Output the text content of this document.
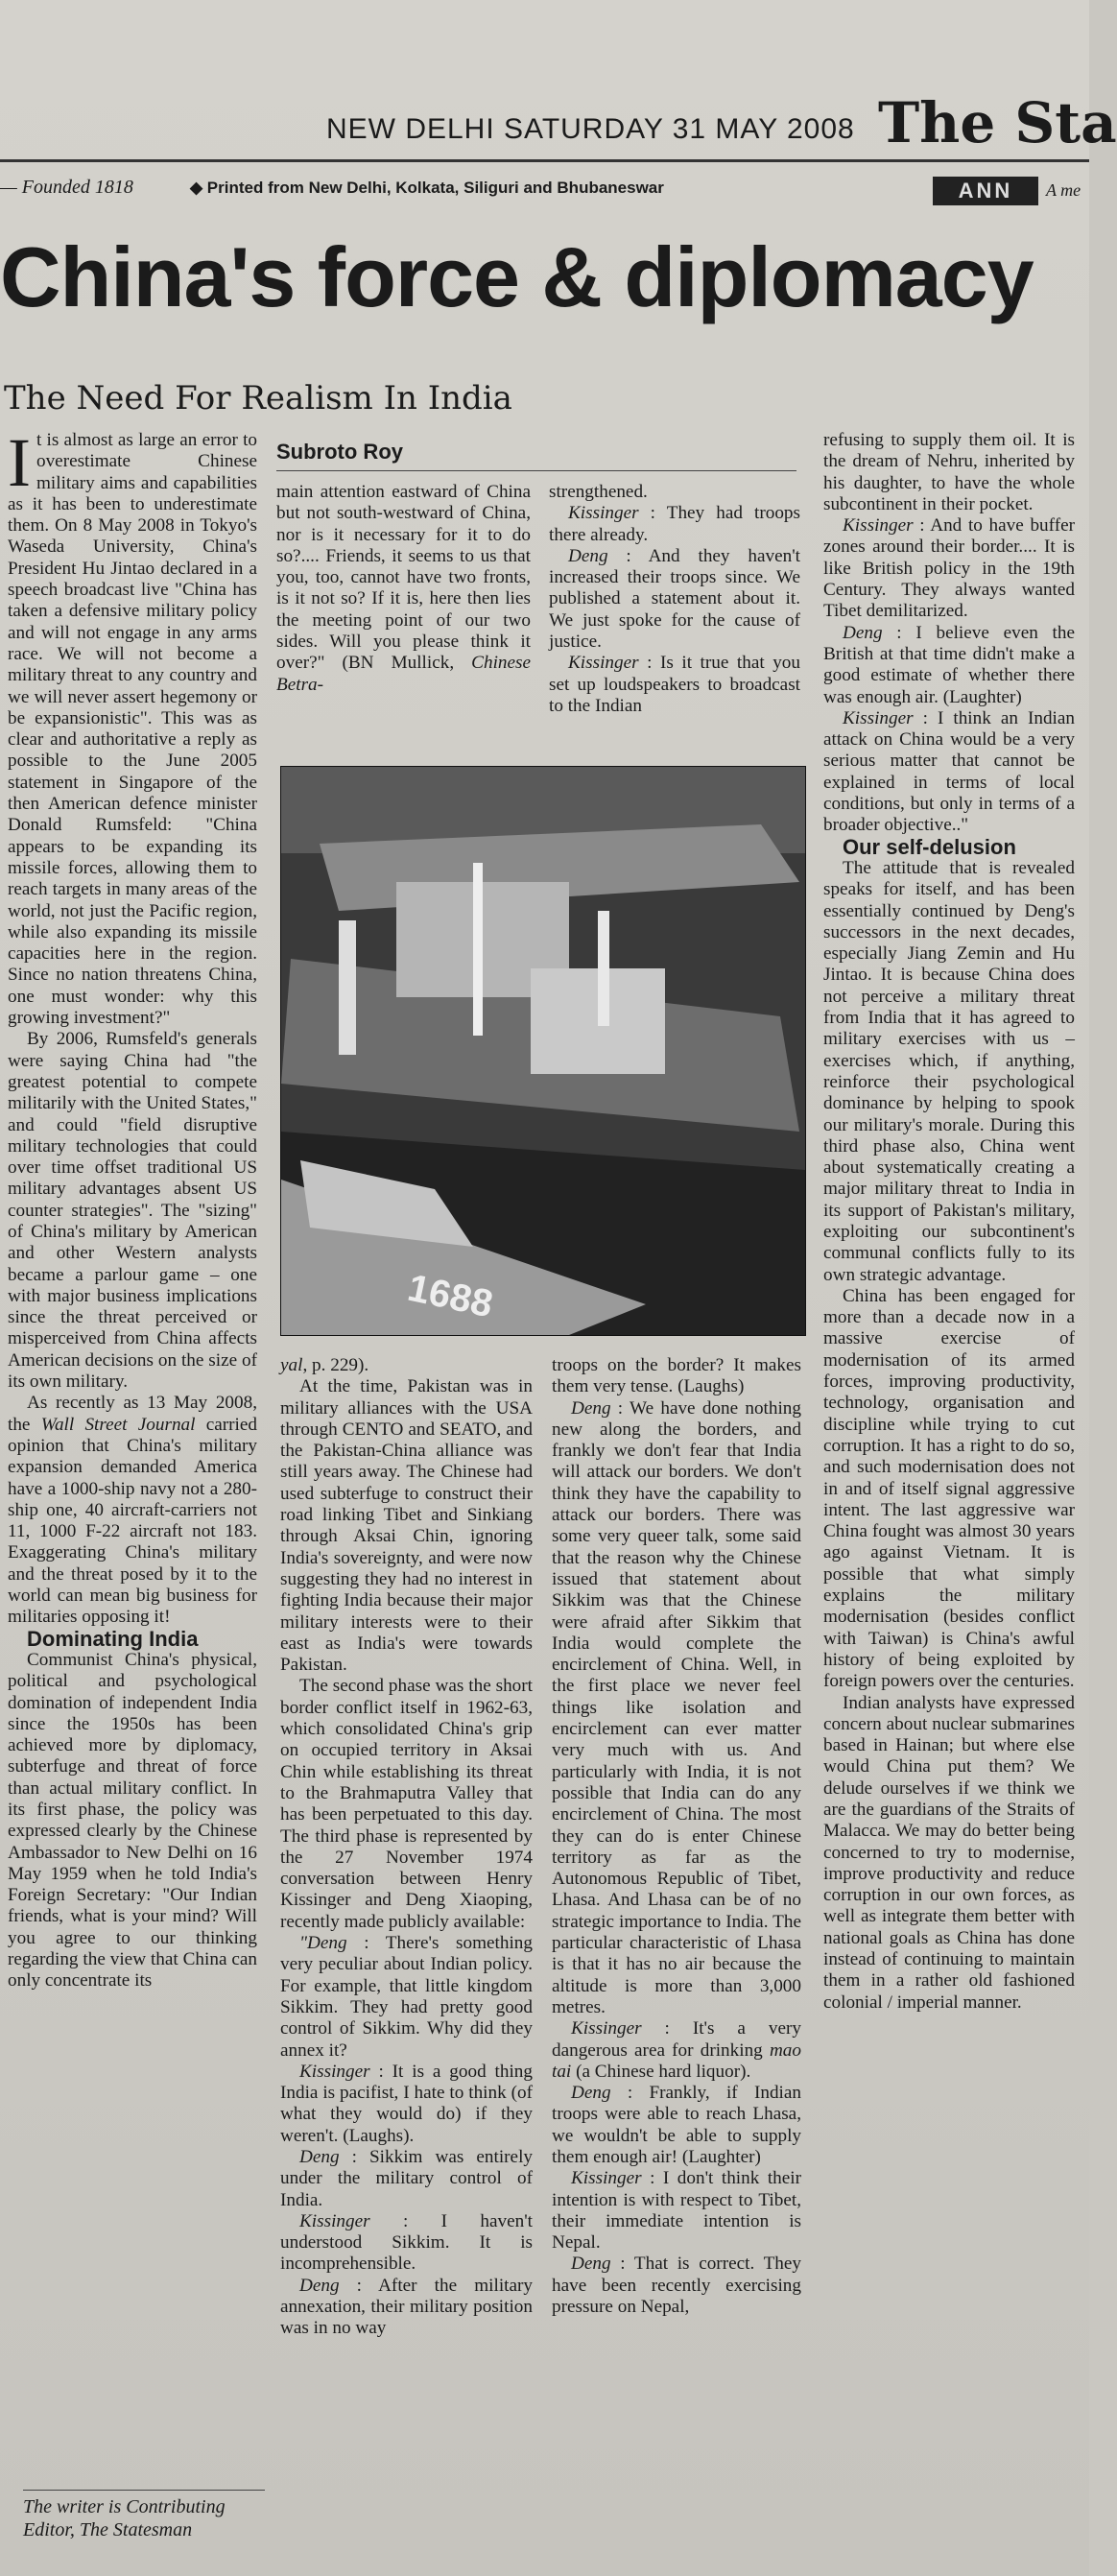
NEW DELHI SATURDAY 31 MAY 2008 The Sta
— Founded 1818	◆ Printed from New Delhi, Kolkata, Siliguri and Bhubaneswar	ANN	A me

China's force & diplomacy
The Need For Realism In India

It is almost as large an error to overestimate Chinese military aims and capabilities as it has been to underestimate them. On 8 May 2008 in Tokyo's Waseda University, China's President Hu Jintao declared in a speech broadcast live "China has taken a defensive military policy and will not engage in any arms race. We will not become a military threat to any country and we will never assert hegemony or be expansionistic". This was as clear and authoritative a reply as possible to the June 2005 statement in Singapore of the then American defence minister Donald Rumsfeld: "China appears to be expanding its missile forces, allowing them to reach targets in many areas of the world, not just the Pacific region, while also expanding its missile capacities here in the region. Since no nation threatens China, one must wonder: why this growing investment?"

By 2006, Rumsfeld's generals were saying China had "the greatest potential to compete militarily with the United States," and could "field disruptive military technologies that could over time offset traditional US military advantages absent US counter strategies". The "sizing" of China's military by American and other Western analysts became a parlour game – one with major business implications since the threat perceived or misperceived from China affects American decisions on the size of its own military.

As recently as 13 May 2008, the Wall Street Journal carried opinion that China's military expansion demanded America have a 1000-ship navy not a 280-ship one, 40 aircraft-carriers not 11, 1000 F-22 aircraft not 183. Exaggerating China's military and the threat posed by it to the world can mean big business for militaries opposing it!

Dominating India

Communist China's physical, political and psychological domination of independent India since the 1950s has been achieved more by diplomacy, subterfuge and threat of force than actual military conflict. In its first phase, the policy was expressed clearly by the Chinese Ambassador to New Delhi on 16 May 1959 when he told India's Foreign Secretary: "Our Indian friends, what is your mind? Will you agree to our thinking regarding the view that China can only concentrate its

The writer is Contributing
Editor, The Statesman
Subroto Roy

main attention eastward of China but not south-westward of China, nor is it necessary for it to do so?.... Friends, it seems to us that you, too, cannot have two fronts, is it not so? If it is, here then lies the meeting point of our two sides. Will you please think it over?" (BN Mullick, Chinese Betra-

strengthened.

Kissinger : They had troops there already.

Deng : And they haven't increased their troops since. We published a statement about it. We just spoke for the cause of justice.

Kissinger : Is it true that you set up loudspeakers to broadcast to the Indian

1688

yal, p. 229).

At the time, Pakistan was in military alliances with the USA through CENTO and SEATO, and the Pakistan-China alliance was still years away. The Chinese had used subterfuge to construct their road linking Tibet and Sinkiang through Aksai Chin, ignoring India's sovereignty, and were now suggesting they had no interest in fighting India because their major military interests were to their east as India's were towards Pakistan.

The second phase was the short border conflict itself in 1962-63, which consolidated China's grip on occupied territory in Aksai Chin while establishing its threat to the Brahmaputra Valley that has been perpetuated to this day. The third phase is represented by the 27 November 1974 conversation between Henry Kissinger and Deng Xiaoping, recently made publicly available:

"Deng : There's something very peculiar about Indian policy. For example, that little kingdom Sikkim. They had pretty good control of Sikkim. Why did they annex it?

Kissinger : It is a good thing India is pacifist, I hate to think (of what they would do) if they weren't. (Laughs).

Deng : Sikkim was entirely under the military control of India.

Kissinger : I haven't understood Sikkim. It is incomprehensible.

Deng : After the military annexation, their military position was in no way

troops on the border? It makes them very tense. (Laughs)

Deng : We have done nothing new along the borders, and frankly we don't fear that India will attack our borders. We don't think they have the capability to attack our borders. There was some very queer talk, some said that the reason why the Chinese issued that statement about Sikkim was that the Chinese were afraid after Sikkim that India would complete the encirclement of China. Well, in the first place we never feel things like isolation and encirclement can ever matter very much with us. And particularly with India, it is not possible that India can do any encirclement of China. The most they can do is enter Chinese territory as far as the Autonomous Republic of Tibet, Lhasa. And Lhasa can be of no strategic importance to India. The particular characteristic of Lhasa is that it has no air because the altitude is more than 3,000 metres.

Kissinger : It's a very dangerous area for drinking mao tai (a Chinese hard liquor).

Deng : Frankly, if Indian troops were able to reach Lhasa, we wouldn't be able to supply them enough air! (Laughter)

Kissinger : I don't think their intention is with respect to Tibet, their immediate intention is Nepal.

Deng : That is correct. They have been recently exercising pressure on Nepal,

refusing to supply them oil. It is the dream of Nehru, inherited by his daughter, to have the whole subcontinent in their pocket.

Kissinger : And to have buffer zones around their border.... It is like British policy in the 19th Century. They always wanted Tibet demilitarized.

Deng : I believe even the British at that time didn't make a good estimate of whether there was enough air. (Laughter)

Kissinger : I think an Indian attack on China would be a very serious matter that cannot be explained in terms of local conditions, but only in terms of a broader objective.."

Our self-delusion

The attitude that is revealed speaks for itself, and has been essentially continued by Deng's successors in the next decades, especially Jiang Zemin and Hu Jintao. It is because China does not perceive a military threat from India that it has agreed to military exercises with us – exercises which, if anything, reinforce their psychological dominance by helping to spook our military's morale. During this third phase also, China went about systematically creating a major military threat to India in its support of Pakistan's military, exploiting our subcontinent's communal conflicts fully to its own strategic advantage.

China has been engaged for more than a decade now in a massive exercise of modernisation of its armed forces, improving productivity, technology, organisation and discipline while trying to cut corruption. It has a right to do so, and such modernisation does not in and of itself signal aggressive intent. The last aggressive war China fought was almost 30 years ago against Vietnam. It is possible that what simply explains the military modernisation (besides conflict with Taiwan) is China's awful history of being exploited by foreign powers over the centuries.

Indian analysts have expressed concern about nuclear submarines based in Hainan; but where else would China put them? We delude ourselves if we think we are the guardians of the Straits of Malacca. We may do better being concerned to try to modernise, improve productivity and reduce corruption in our own forces, as well as integrate them better with national goals as China has done instead of continuing to maintain them in a rather old fashioned colonial / imperial manner.
